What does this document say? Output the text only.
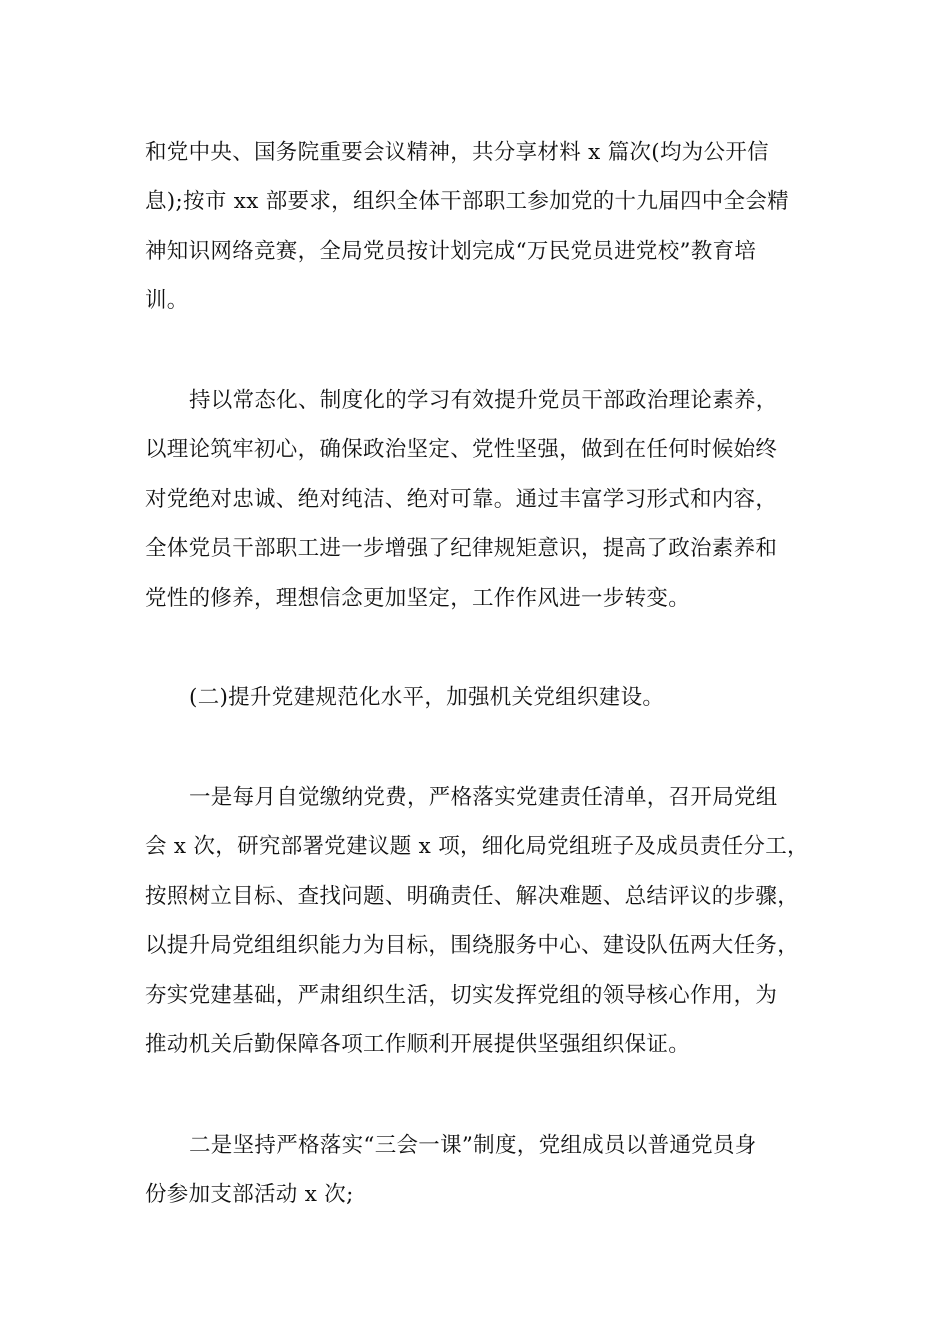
和党中央、国务院重要会议精神，共分享材料 x 篇次(均为公开信
息);按市 xx 部要求，组织全体干部职工参加党的十九届四中全会精
神知识网络竞赛，全局党员按计划完成“万民党员进党校”教育培
训。

持以常态化、制度化的学习有效提升党员干部政治理论素养，
以理论筑牢初心，确保政治坚定、党性坚强，做到在任何时候始终
对党绝对忠诚、绝对纯洁、绝对可靠。通过丰富学习形式和内容，
全体党员干部职工进一步增强了纪律规矩意识，提高了政治素养和
党性的修养，理想信念更加坚定，工作作风进一步转变。

(二)提升党建规范化水平，加强机关党组织建设。

一是每月自觉缴纳党费，严格落实党建责任清单，召开局党组
会 x 次，研究部署党建议题 x 项，细化局党组班子及成员责任分工，
按照树立目标、查找问题、明确责任、解决难题、总结评议的步骤，
以提升局党组组织能力为目标，围绕服务中心、建设队伍两大任务，
夯实党建基础，严肃组织生活，切实发挥党组的领导核心作用，为
推动机关后勤保障各项工作顺利开展提供坚强组织保证。

二是坚持严格落实“三会一课”制度，党组成员以普通党员身
份参加支部活动 x 次;
